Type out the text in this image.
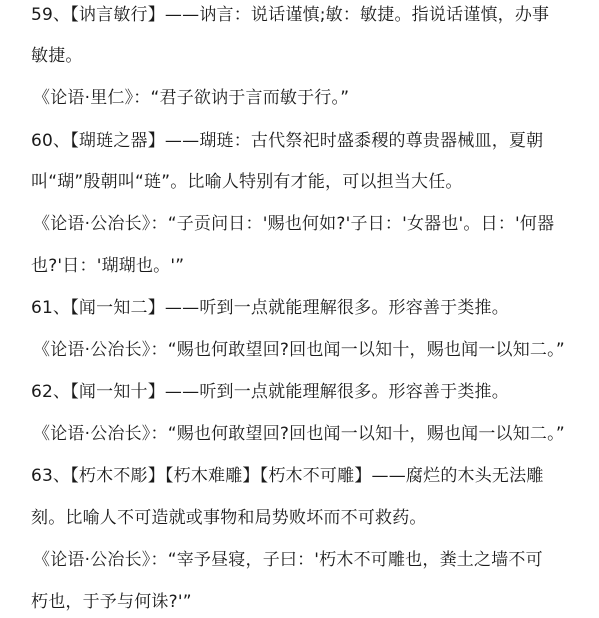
59、【讷言敏行】——讷言：说话谨慎;敏：敏捷。指说话谨慎，办事
敏捷。
《论语·里仁》：“君子欲讷于言而敏于行。”
60、【瑚琏之器】——瑚琏：古代祭祀时盛黍稷的尊贵器械皿，夏朝
叫“瑚”殷朝叫“琏”。比喻人特别有才能，可以担当大任。
《论语·公冶长》：“子贡问日：'赐也何如?'子日：'女器也'。日：'何器
也?'日：'瑚瑚也。'”
61、【闻一知二】——听到一点就能理解很多。形容善于类推。
《论语·公冶长》：“赐也何敢望回?回也闻一以知十，赐也闻一以知二。”
62、【闻一知十】——听到一点就能理解很多。形容善于类推。
《论语·公冶长》：“赐也何敢望回?回也闻一以知十，赐也闻一以知二。”
63、【朽木不彫】【朽木难雕】【朽木不可雕】——腐烂的木头无法雕
刻。比喻人不可造就或事物和局势败坏而不可救药。
《论语·公冶长》：“宰予昼寝，子曰：'朽木不可雕也，粪土之墙不可
朽也，于予与何诛?'”
